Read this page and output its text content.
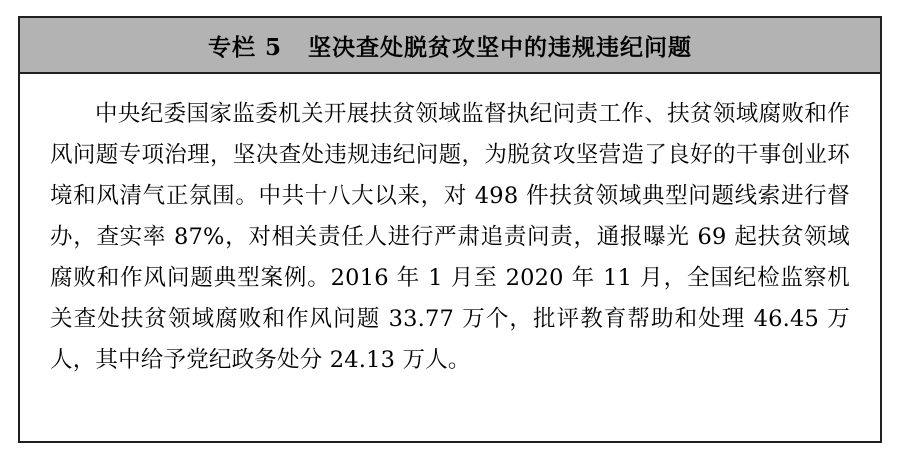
专栏 5 坚决查处脱贫攻坚中的违规违纪问题

中央纪委国家监委机关开展扶贫领域监督执纪问责工作、扶贫领域腐败和作风问题专项治理，坚决查处违规违纪问题，为脱贫攻坚营造了良好的干事创业环境和风清气正氛围。中共十八大以来，对 498 件扶贫领域典型问题线索进行督办，查实率 87%，对相关责任人进行严肃追责问责，通报曝光 69 起扶贫领域腐败和作风问题典型案例。2016 年 1 月至 2020 年 11 月，全国纪检监察机关查处扶贫领域腐败和作风问题 33.77 万个，批评教育帮助和处理 46.45 万人，其中给予党纪政务处分 24.13 万人。
